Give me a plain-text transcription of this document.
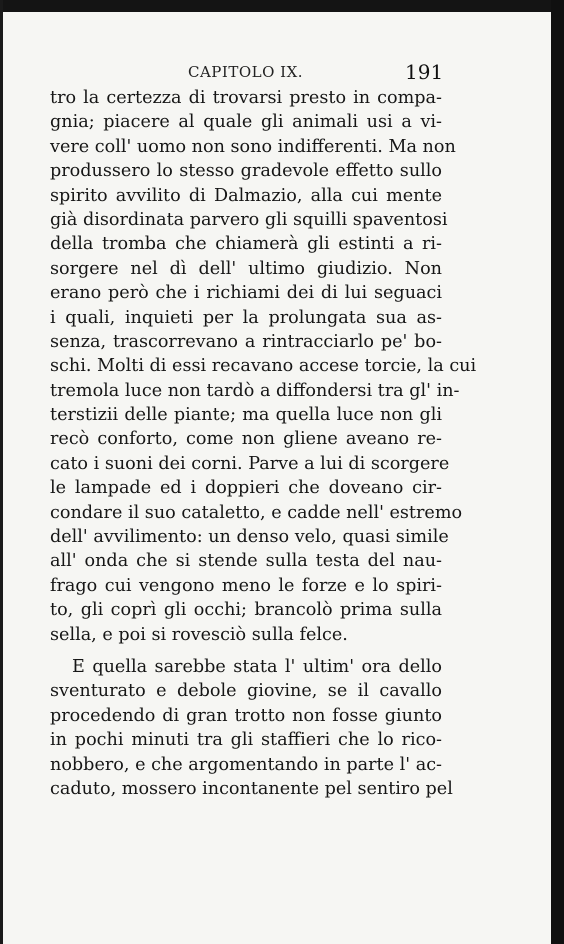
CAPITOLO IX.	191
tro la certezza di trovarsi presto in compa-
gnia; piacere al quale gli animali usi a vi-
vere coll' uomo non sono indifferenti. Ma non
produssero lo stesso gradevole effetto sullo
spirito avvilito di Dalmazio, alla cui mente
già disordinata parvero gli squilli spaventosi
della tromba che chiamerà gli estinti a ri-
sorgere nel dì dell' ultimo giudizio. Non
erano però che i richiami dei di lui seguaci
i quali, inquieti per la prolungata sua as-
senza, trascorrevano a rintracciarlo pe' bo-
schi. Molti di essi recavano accese torcie, la cui
tremola luce non tardò a diffondersi tra gl' in-
terstizii delle piante; ma quella luce non gli
recò conforto, come non gliene aveano re-
cato i suoni dei corni. Parve a lui di scorgere
le lampade ed i doppieri che doveano cir-
condare il suo cataletto, e cadde nell' estremo
dell' avvilimento: un denso velo, quasi simile
all' onda che si stende sulla testa del nau-
frago cui vengono meno le forze e lo spiri-
to, gli coprì gli occhi; brancolò prima sulla
sella, e poi si rovesciò sulla felce.
E quella sarebbe stata l' ultim' ora dello
sventurato e debole giovine, se il cavallo
procedendo di gran trotto non fosse giunto
in pochi minuti tra gli staffieri che lo rico-
nobbero, e che argomentando in parte l' ac-
caduto, mossero incontanente pel sentiro pel
